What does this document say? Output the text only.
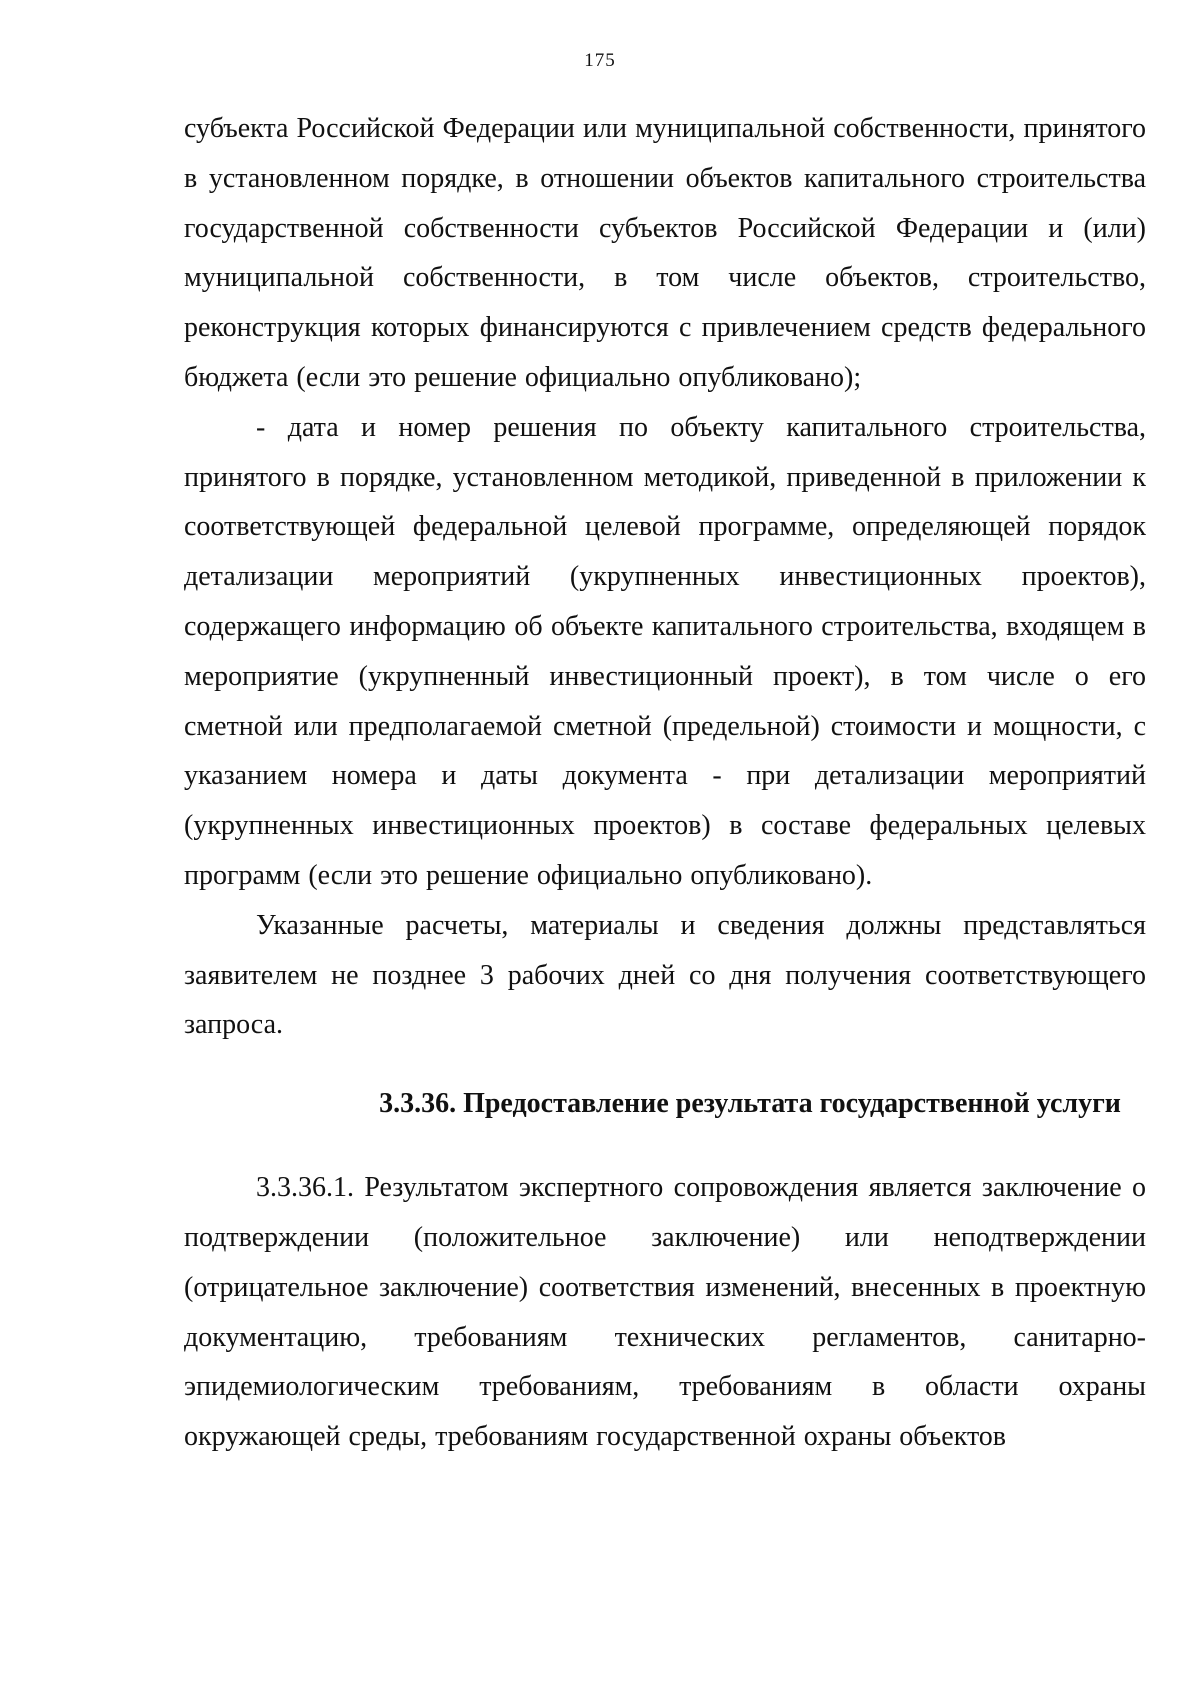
175

субъекта Российской Федерации или муниципальной собственности, принятого в установленном порядке, в отношении объектов капитального строительства государственной собственности субъектов Российской Федерации и (или) муниципальной собственности, в том числе объектов, строительство, реконструкция которых финансируются с привлечением средств федерального бюджета (если это решение официально опубликовано);

- дата и номер решения по объекту капитального строительства, принятого в порядке, установленном методикой, приведенной в приложении к соответствующей федеральной целевой программе, определяющей порядок детализации мероприятий (укрупненных инвестиционных проектов), содержащего информацию об объекте капитального строительства, входящем в мероприятие (укрупненный инвестиционный проект), в том числе о его сметной или предполагаемой сметной (предельной) стоимости и мощности, с указанием номера и даты документа - при детализации мероприятий (укрупненных инвестиционных проектов) в составе федеральных целевых программ (если это решение официально опубликовано).

Указанные расчеты, материалы и сведения должны представляться заявителем не позднее 3 рабочих дней со дня получения соответствующего запроса.

3.3.36. Предоставление результата государственной услуги

3.3.36.1. Результатом экспертного сопровождения является заключение о подтверждении (положительное заключение) или неподтверждении (отрицательное заключение) соответствия изменений, внесенных в проектную документацию, требованиям технических регламентов, санитарно-эпидемиологическим требованиям, требованиям в области охраны окружающей среды, требованиям государственной охраны объектов
